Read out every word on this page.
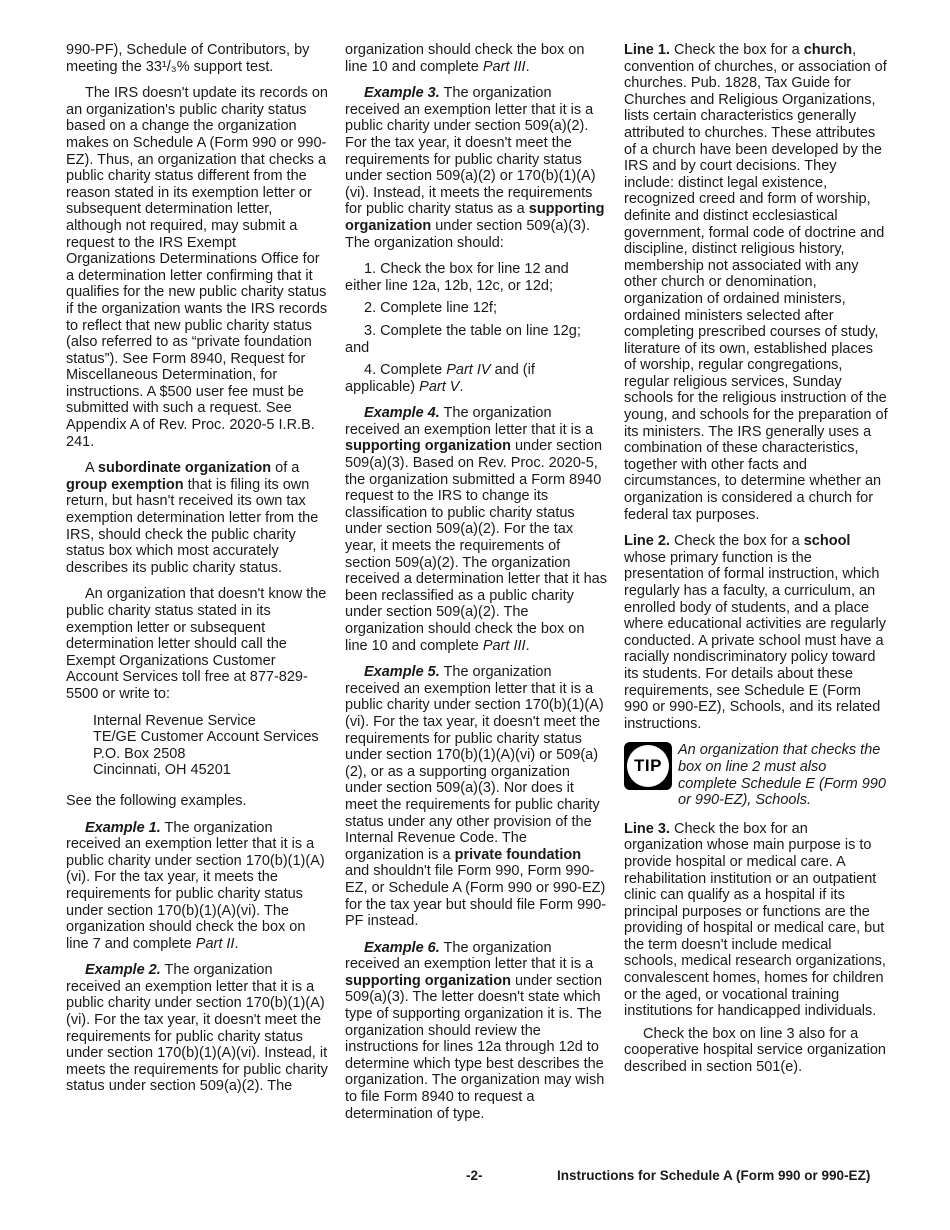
990-PF), Schedule of Contributors, by meeting the 33¹/₃% support test.

The IRS doesn't update its records on an organization's public charity status based on a change the organization makes on Schedule A (Form 990 or 990-EZ). Thus, an organization that checks a public charity status different from the reason stated in its exemption letter or subsequent determination letter, although not required, may submit a request to the IRS Exempt Organizations Determinations Office for a determination letter confirming that it qualifies for the new public charity status if the organization wants the IRS records to reflect that new public charity status (also referred to as “private foundation status”). See Form 8940, Request for Miscellaneous Determination, for instructions. A $500 user fee must be submitted with such a request. See Appendix A of Rev. Proc. 2020-5 I.R.B. 241.

A subordinate organization of a group exemption that is filing its own return, but hasn't received its own tax exemption determination letter from the IRS, should check the public charity status box which most accurately describes its public charity status.

An organization that doesn't know the public charity status stated in its exemption letter or subsequent determination letter should call the Exempt Organizations Customer Account Services toll free at 877-829-5500 or write to:

Internal Revenue Service
TE/GE Customer Account Services
P.O. Box 2508
Cincinnati, OH 45201

See the following examples.

Example 1. The organization received an exemption letter that it is a public charity under section 170(b)(1)(A)(vi). For the tax year, it meets the requirements for public charity status under section 170(b)(1)(A)(vi). The organization should check the box on line 7 and complete Part II.

Example 2. The organization received an exemption letter that it is a public charity under section 170(b)(1)(A)(vi). For the tax year, it doesn't meet the requirements for public charity status under section 170(b)(1)(A)(vi). Instead, it meets the requirements for public charity status under section 509(a)(2). The

organization should check the box on line 10 and complete Part III.

Example 3. The organization received an exemption letter that it is a public charity under section 509(a)(2). For the tax year, it doesn't meet the requirements for public charity status under section 509(a)(2) or 170(b)(1)(A)(vi). Instead, it meets the requirements for public charity status as a supporting organization under section 509(a)(3). The organization should:

1. Check the box for line 12 and either line 12a, 12b, 12c, or 12d;

2. Complete line 12f;

3. Complete the table on line 12g; and

4. Complete Part IV and (if applicable) Part V.

Example 4. The organization received an exemption letter that it is a supporting organization under section 509(a)(3). Based on Rev. Proc. 2020-5, the organization submitted a Form 8940 request to the IRS to change its classification to public charity status under section 509(a)(2). For the tax year, it meets the requirements of section 509(a)(2). The organization received a determination letter that it has been reclassified as a public charity under section 509(a)(2). The organization should check the box on line 10 and complete Part III.

Example 5. The organization received an exemption letter that it is a public charity under section 170(b)(1)(A)(vi). For the tax year, it doesn't meet the requirements for public charity status under section 170(b)(1)(A)(vi) or 509(a)(2), or as a supporting organization under section 509(a)(3). Nor does it meet the requirements for public charity status under any other provision of the Internal Revenue Code. The organization is a private foundation and shouldn't file Form 990, Form 990-EZ, or Schedule A (Form 990 or 990-EZ) for the tax year but should file Form 990-PF instead.

Example 6. The organization received an exemption letter that it is a supporting organization under section 509(a)(3). The letter doesn't state which type of supporting organization it is. The organization should review the instructions for lines 12a through 12d to determine which type best describes the organization. The organization may wish to file Form 8940 to request a determination of type.

Line 1. Check the box for a church, convention of churches, or association of churches. Pub. 1828, Tax Guide for Churches and Religious Organizations, lists certain characteristics generally attributed to churches. These attributes of a church have been developed by the IRS and by court decisions. They include: distinct legal existence, recognized creed and form of worship, definite and distinct ecclesiastical government, formal code of doctrine and discipline, distinct religious history, membership not associated with any other church or denomination, organization of ordained ministers, ordained ministers selected after completing prescribed courses of study, literature of its own, established places of worship, regular congregations, regular religious services, Sunday schools for the religious instruction of the young, and schools for the preparation of its ministers. The IRS generally uses a combination of these characteristics, together with other facts and circumstances, to determine whether an organization is considered a church for federal tax purposes.

Line 2. Check the box for a school whose primary function is the presentation of formal instruction, which regularly has a faculty, a curriculum, an enrolled body of students, and a place where educational activities are regularly conducted. A private school must have a racially nondiscriminatory policy toward its students. For details about these requirements, see Schedule E (Form 990 or 990-EZ), Schools, and its related instructions.

TIP
An organization that checks the box on line 2 must also complete Schedule E (Form 990 or 990-EZ), Schools.

Line 3. Check the box for an organization whose main purpose is to provide hospital or medical care. A rehabilitation institution or an outpatient clinic can qualify as a hospital if its principal purposes or functions are the providing of hospital or medical care, but the term doesn't include medical schools, medical research organizations, convalescent homes, homes for children or the aged, or vocational training institutions for handicapped individuals.

Check the box on line 3 also for a cooperative hospital service organization described in section 501(e).

-2-	Instructions for Schedule A (Form 990 or 990-EZ)
